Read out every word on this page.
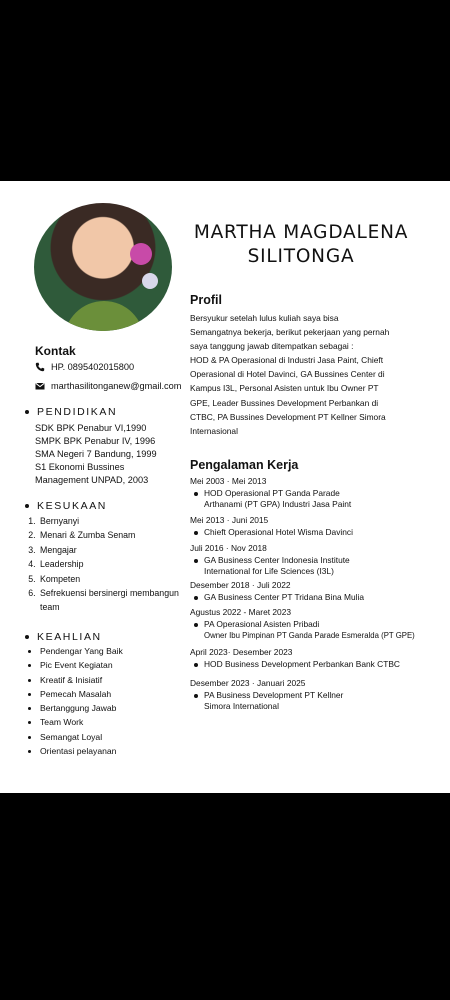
MARTHA MAGDALENA
SILITONGA
Kontak
HP. 0895402015800
marthasilitonganew@gmail.com
PENDIDIKAN
SDK BPK Penabur VI,1990
SMPK BPK Penabur IV, 1996
SMA Negeri 7 Bandung, 1999
S1 Ekonomi Bussines
Management UNPAD, 2003
KESUKAAN
1. Bernyanyi
2. Menari & Zumba Senam
3. Mengajar
4. Leadership
5. Kompeten
6. Sefrekuensi bersinergi membangun team
KEAHLIAN
• Pendengar Yang Baik
• Pic Event Kegiatan
• Kreatif & Inisiatif
• Pemecah Masalah
• Bertanggung Jawab
• Team Work
• Semangat Loyal
• Orientasi pelayanan
Profil
Bersyukur setelah lulus kuliah saya bisa
Semangatnya bekerja, berikut pekerjaan yang pernah
saya tanggung jawab ditempatkan sebagai :
HOD & PA Operasional di Industri Jasa Paint, Chieft
Operasional di Hotel Davinci, GA Bussines Center di
Kampus I3L, Personal Asisten untuk Ibu Owner PT
GPE, Leader Bussines Development Perbankan di
CTBC, PA Bussines Development PT Kellner Simora
Internasional
Pengalaman Kerja
Mei 2003 · Mei 2013
HOD Operasional PT Ganda Parade
Arthanami (PT GPA) Industri Jasa Paint
Mei 2013 · Juni 2015
Chieft Operasional Hotel Wisma Davinci
Juli 2016 · Nov 2018
GA Business Center Indonesia Institute
International for Life Sciences (I3L)
Desember 2018 · Juli 2022
GA Business Center PT Tridana Bina Mulia
Agustus 2022 - Maret 2023
PA Operasional Asisten Pribadi
Owner Ibu Pimpinan PT Ganda Parade Esmeralda (PT GPE)
April 2023· Desember 2023
HOD Business Development Perbankan Bank CTBC
Desember 2023 · Januari 2025
PA Business Development PT Kellner
Simora International
